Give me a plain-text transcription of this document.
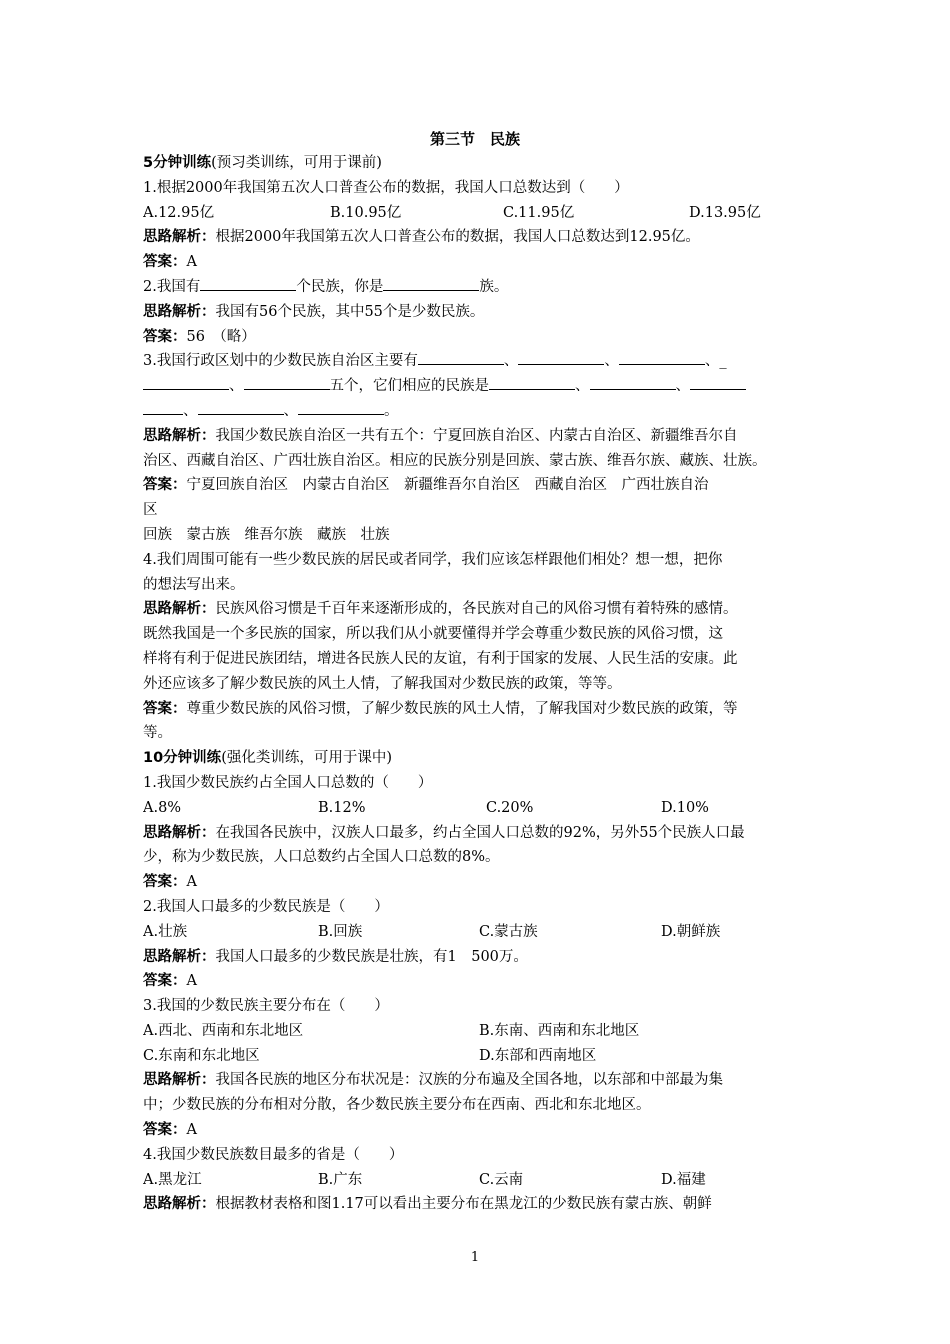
第三节　民族
5分钟训练(预习类训练，可用于课前)
1.根据2000年我国第五次人口普查公布的数据，我国人口总数达到（　　）
A.12.95亿	B.10.95亿	C.11.95亿	D.13.95亿
思路解析：根据2000年我国第五次人口普查公布的数据，我国人口总数达到12.95亿。
答案：A
2.我国有	个民族，你是	族。
思路解析：我国有56个民族，其中55个是少数民族。
答案：56　（略）
3.我国行政区划中的少数民族自治区主要有	、	、	、_
、	五个，它们相应的民族是	、	、
、	、	。
思路解析：我国少数民族自治区一共有五个：宁夏回族自治区、内蒙古自治区、新疆维吾尔自
治区、西藏自治区、广西壮族自治区。相应的民族分别是回族、蒙古族、维吾尔族、藏族、壮族。
答案：宁夏回族自治区　内蒙古自治区　新疆维吾尔自治区　西藏自治区　广西壮族自治
区
回族　蒙古族　维吾尔族　藏族　壮族
4.我们周围可能有一些少数民族的居民或者同学，我们应该怎样跟他们相处？想一想，把你
的想法写出来。
思路解析：民族风俗习惯是千百年来逐渐形成的，各民族对自己的风俗习惯有着特殊的感情。
既然我国是一个多民族的国家，所以我们从小就要懂得并学会尊重少数民族的风俗习惯，这
样将有利于促进民族团结，增进各民族人民的友谊，有利于国家的发展、人民生活的安康。此
外还应该多了解少数民族的风土人情，了解我国对少数民族的政策，等等。
答案：尊重少数民族的风俗习惯，了解少数民族的风土人情，了解我国对少数民族的政策，等
等。
10分钟训练(强化类训练，可用于课中)
1.我国少数民族约占全国人口总数的（　　）
A.8%	B.12%	C.20%	D.10%
思路解析：在我国各民族中，汉族人口最多，约占全国人口总数的92%，另外55个民族人口最
少，称为少数民族，人口总数约占全国人口总数的8%。
答案：A
2.我国人口最多的少数民族是（　　）
A.壮族	B.回族	C.蒙古族	D.朝鲜族
思路解析：我国人口最多的少数民族是壮族，有1　500万。
答案：A
3.我国的少数民族主要分布在（　　）
A.西北、西南和东北地区	B.东南、西南和东北地区
C.东南和东北地区	D.东部和西南地区
思路解析：我国各民族的地区分布状况是：汉族的分布遍及全国各地，以东部和中部最为集
中；少数民族的分布相对分散，各少数民族主要分布在西南、西北和东北地区。
答案：A
4.我国少数民族数目最多的省是（　　）
A.黑龙江	B.广东	C.云南	D.福建
思路解析：根据教材表格和图1.17可以看出主要分布在黑龙江的少数民族有蒙古族、朝鲜
1
